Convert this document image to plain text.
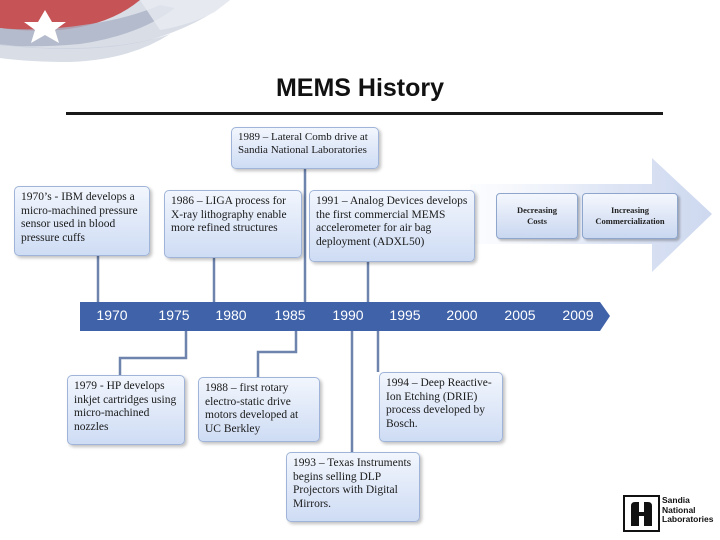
MEMS History
1970’s - IBM develops a micro-machined pressure sensor used in blood pressure cuffs
1986 – LIGA process for X-ray lithography enable more refined structures
1989 – Lateral Comb drive at Sandia National Laboratories
1991 – Analog Devices develops the first commercial MEMS accelerometer for air bag deployment (ADXL50)
Decreasing Costs
Increasing Commercialization
1970	1975	1980	1985	1990	1995	2000	2005	2009
1979 - HP develops inkjet cartridges using micro-machined nozzles
1988 – first rotary electro-static drive motors developed at UC Berkley
1994 – Deep Reactive-Ion Etching (DRIE) process developed by Bosch.
1993 – Texas Instruments begins selling DLP Projectors with Digital Mirrors.	Sandia
National
Laboratories
